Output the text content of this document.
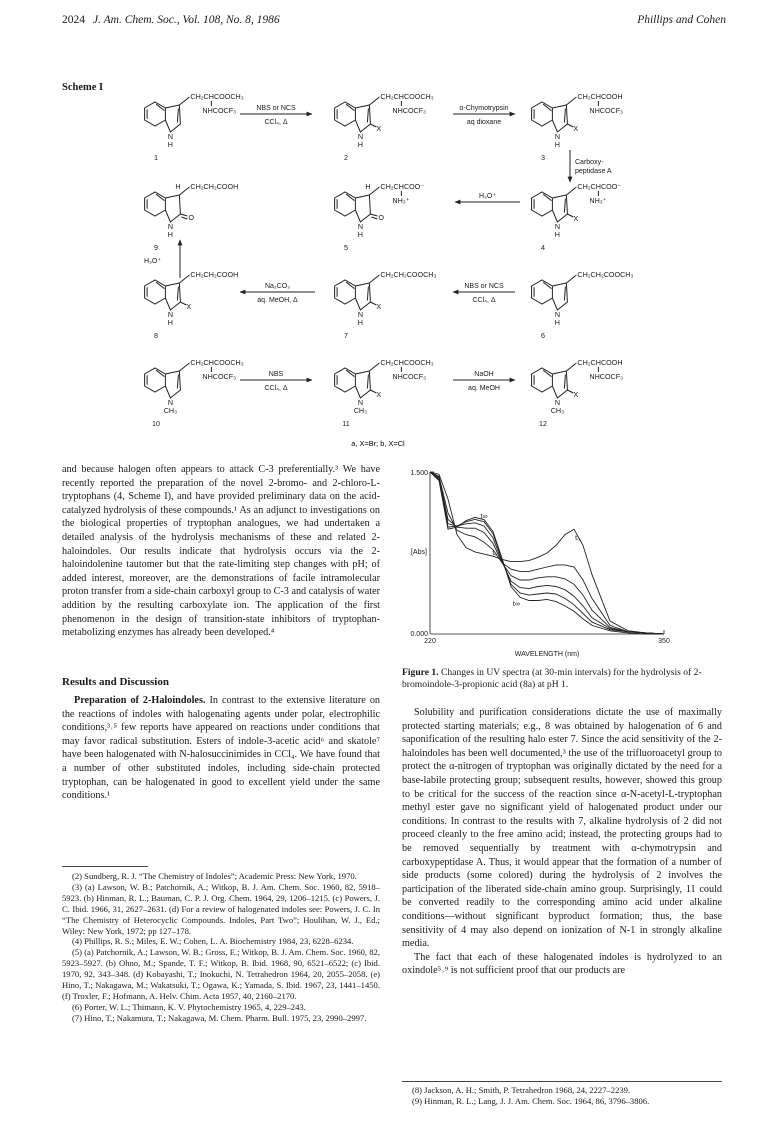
2024 J. Am. Chem. Soc., Vol. 108, No. 8, 1986	Phillips and Cohen
Scheme I
CH₂CHCOOCH₃
NHCOCF₃
N
H
1
CH₂CHCOOCH₃
NHCOCF₃
X
N
H
2
CH₂CHCOOH
NHCOCF₃
X
N
H
3
CH₂CH₂COOH
H
O
N
H
9
CH₂CHCOO⁻
NH₃⁺
H
O
N
H
5
CH₂CHCOO⁻
NH₃⁺
X
N
H
4
CH₂CH₂COOH
X
N
H
8
CH₂CH₂COOCH₃
X
N
H
7
CH₂CH₂COOCH₃
N
H
6
CH₂CHCOOCH₃
NHCOCF₃
N
CH₃
10
CH₂CHCOOCH₃
NHCOCF₃
X
N
CH₃
11
CH₂CHCOOH
NHCOCF₃
X
N
CH₃
12
NBS or NCS
CCl₄, Δ
α-Chymotrypsin
aq dioxane
Carboxy-
peptidase A
H₃O⁺
H₃O⁺
Na₂CO₃
aq. MeOH, Δ
NBS or NCS
CCl₄, Δ
NBS
CCl₄, Δ
NaOH
aq. MeOH
a, X=Br; b, X=Cl

and because halogen often appears to attack C-3 preferentially.³ We have recently reported the preparation of the novel 2-bromo- and 2-chloro-L-tryptophans (4, Scheme I), and have provided preliminary data on the acid-catalyzed hydrolysis of these compounds.¹ As an adjunct to investigations on the biological properties of tryptophan analogues, we had undertaken a detailed analysis of the hydrolysis mechanisms of these and related 2-haloindoles. Our results indicate that hydrolysis occurs via the 2-haloindolenine tautomer but that the rate-limiting step changes with pH; of added interest, moreover, are the demonstrations of facile intramolecular proton transfer from a side-chain carboxyl group to C-3 and catalysis of water addition by the resulting carboxylate ion. The application of the first phenomenon in the design of transition-state inhibitors of tryptophan-metabolizing enzymes has already been developed.⁴

Results and Discussion

Preparation of 2-Haloindoles. In contrast to the extensive literature on the reactions of indoles with halogenating agents under polar, electrophilic conditions,³˒⁵ few reports have appeared on reactions under conditions that may favor radical substitution. Esters of indole-3-acetic acid⁶ and skatole⁷ have been halogenated with N-halosuccinimides in CCl₄. We have found that a number of other substituted indoles, including side-chain protected tryptophan, can be halogenated in good to excellent yield under the same conditions.¹

(2) Sundberg, R. J. “The Chemistry of Indoles”; Academic Press: New York, 1970.

(3) (a) Lawson, W. B.; Patchornik, A.; Witkop, B. J. Am. Chem. Soc. 1960, 82, 5918–5923. (b) Hinman, R. L.; Bauman, C. P. J. Org. Chem. 1964, 29, 1206–1215. (c) Powers, J. C. Ibid. 1966, 31, 2627–2631. (d) For a review of halogenated indoles see: Powers, J. C. In “The Chemistry of Heterocyclic Compounds. Indoles, Part Two”; Houlihan, W. J., Ed.; Wiley: New York, 1972; pp 127–178.

(4) Phillips, R. S.; Miles, E. W.; Cohen, L. A. Biochemistry 1984, 23, 6228–6234.

(5) (a) Patchornik, A.; Lawson, W. B.; Gross, E.; Witkop, B. J. Am. Chem. Soc. 1960, 82, 5923–5927. (b) Ohno, M.; Spande, T. F.; Witkop, B. Ibid. 1968, 90, 6521–6522; (c) Ibid. 1970, 92, 343–348. (d) Kobayashi, T.; Inokuchi, N. Tetrahedron 1964, 20, 2055–2058. (e) Hino, T.; Nakagawa, M.; Wakatsuki, T.; Ogawa, K.; Yamada, S. Ibid. 1967, 23, 1441–1450. (f) Troxler, F.; Hofmann, A. Helv. Chim. Acta 1957, 40, 2160–2170.

(6) Porter, W. L.; Thimann, K. V. Phytochemistry 1965, 4, 229–243.

(7) Hino, T.; Nakamura, T.; Nakagawa, M. Chem. Pharm. Bull. 1975, 23, 2990–2997.

1.500
0.000
220	350
[Abs]
WAVELENGTH (nm)
t∞
t₀
t₀
t∞
Figure 1. Changes in UV spectra (at 30-min intervals) for the hydrolysis of 2-bromoindole-3-propionic acid (8a) at pH 1.

Solubility and purification considerations dictate the use of maximally protected starting materials; e.g., 8 was obtained by halogenation of 6 and saponification of the resulting halo ester 7. Since the acid sensitivity of the 2-haloindoles has been well documented,³ the use of the trifluoroacetyl group to protect the α-nitrogen of tryptophan was originally dictated by the need for a base-labile protecting group; subsequent results, however, showed this group to be critical for the success of the reaction since α-N-acetyl-L-tryptophan methyl ester gave no significant yield of halogenated product under our conditions. In contrast to the results with 7, alkaline hydrolysis of 2 did not proceed cleanly to the free amino acid; instead, the protecting groups had to be removed sequentially by treatment with α-chymotrypsin and carboxypeptidase A. Thus, it would appear that the formation of a number of side products (some colored) during the hydrolysis of 2 involves the participation of the liberated side-chain amino group. Surprisingly, 11 could be converted readily to the corresponding amino acid under alkaline conditions—without significant byproduct formation; thus, the base sensitivity of 4 may also depend on ionization of N-1 in strongly alkaline media.

The fact that each of these halogenated indoles is hydrolyzed to an oxindole⁵˒⁹ is not sufficient proof that our products are

(8) Jackson, A. H.; Smith, P. Tetrahedron 1968, 24, 2227–2239.

(9) Hinman, R. L.; Lang, J. J. Am. Chem. Soc. 1964, 86, 3796–3806.
